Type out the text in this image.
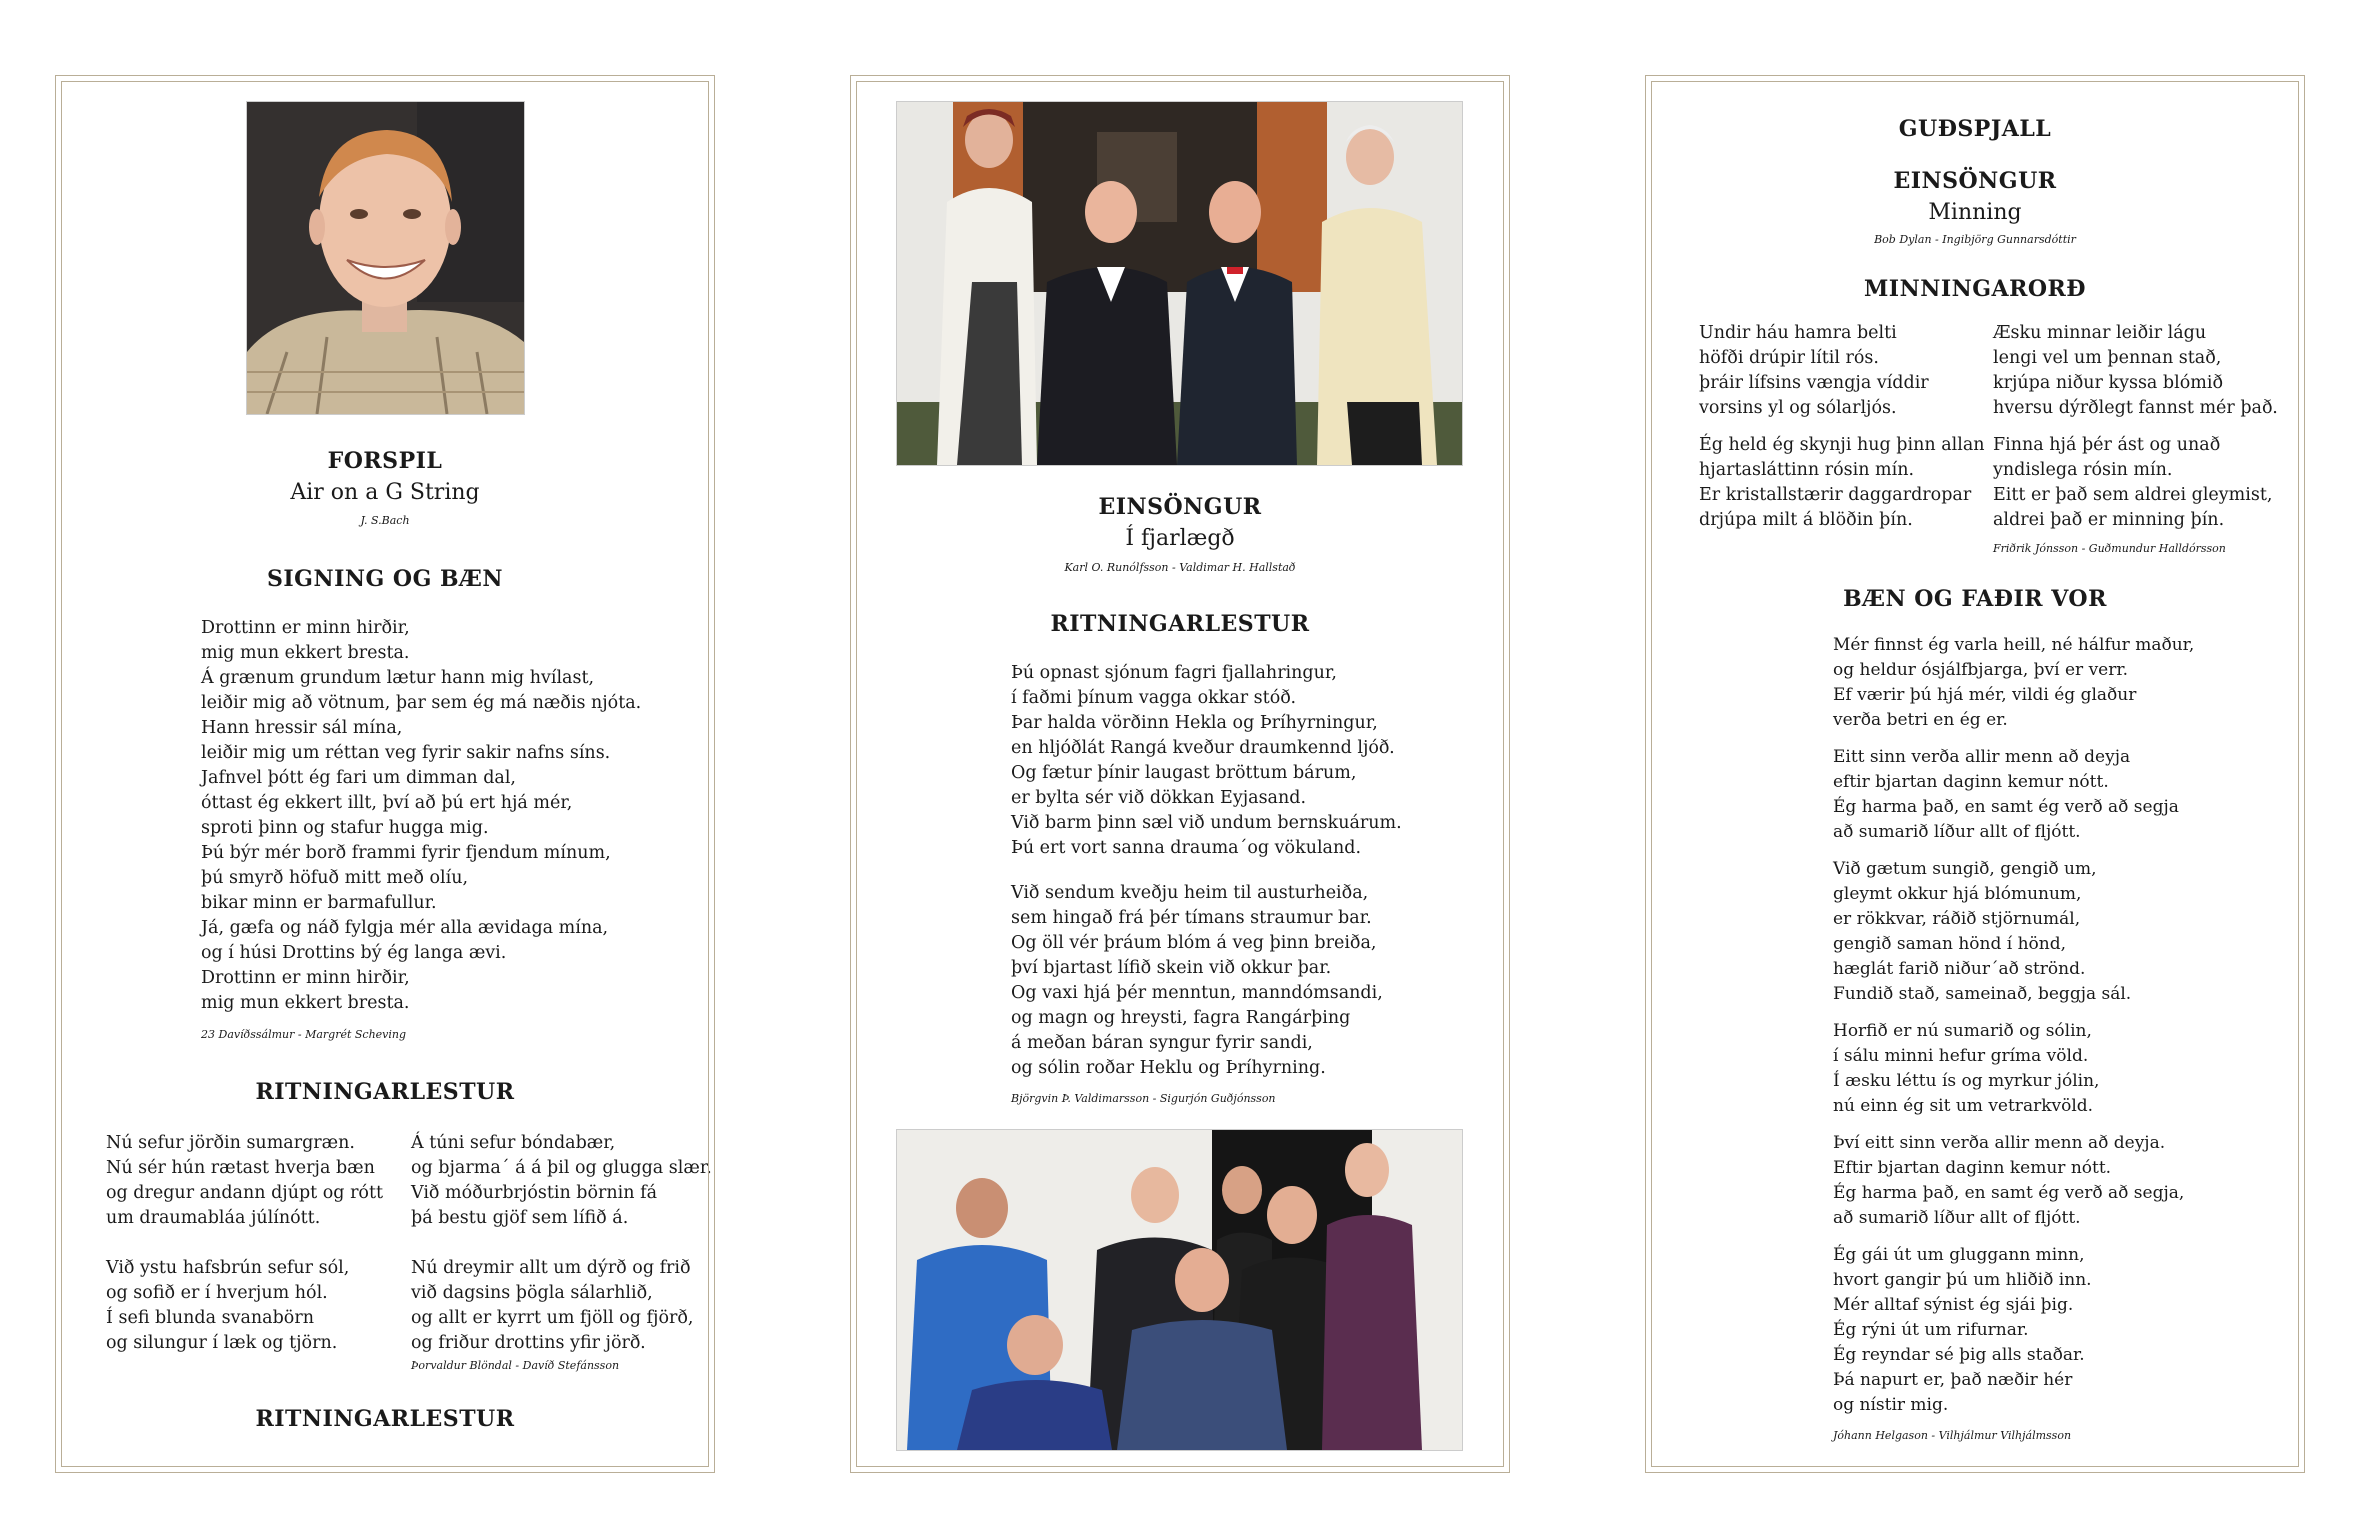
FORSPIL
Air on a G String
J. S.Bach
SIGNING OG BÆN
Drottinn er minn hirðir,
mig mun ekkert bresta.
Á grænum grundum lætur hann mig hvílast,
leiðir mig að vötnum, þar sem ég má næðis njóta.
Hann hressir sál mína,
leiðir mig um réttan veg fyrir sakir nafns síns.
Jafnvel þótt ég fari um dimman dal,
óttast ég ekkert illt, því að þú ert hjá mér,
sproti þinn og stafur hugga mig.
Þú býr mér borð frammi fyrir fjendum mínum,
þú smyrð höfuð mitt með olíu,
bikar minn er barmafullur.
Já, gæfa og náð fylgja mér alla ævidaga mína,
og í húsi Drottins bý ég langa ævi.
Drottinn er minn hirðir,
mig mun ekkert bresta.
23 Davíðssálmur - Margrét Scheving
RITNINGARLESTUR
Nú sefur jörðin sumargræn.
Nú sér hún rætast hverja bæn
og dregur andann djúpt og rótt
um draumabláa júlínótt.
Við ystu hafsbrún sefur sól,
og sofið er í hverjum hól.
Í sefi blunda svanabörn
og silungur í læk og tjörn.
Á túni sefur bóndabær,
og bjarma´ á á þil og glugga slær.
Við móðurbrjóstin börnin fá
þá bestu gjöf sem lífið á.
Nú dreymir allt um dýrð og frið
við dagsins þögla sálarhlið,
og allt er kyrrt um fjöll og fjörð,
og friður drottins yfir jörð.
Þorvaldur Blöndal - Davíð Stefánsson
RITNINGARLESTUR
EINSÖNGUR
Í fjarlægð
Karl O. Runólfsson - Valdimar H. Hallstað
RITNINGARLESTUR
Þú opnast sjónum fagri fjallahringur,
í faðmi þínum vagga okkar stóð.
Þar halda vörðinn Hekla og Þríhyrningur,
en hljóðlát Rangá kveður draumkennd ljóð.
Og fætur þínir laugast bröttum bárum,
er bylta sér við dökkan Eyjasand.
Við barm þinn sæl við undum bernskuárum.
Þú ert vort sanna drauma´og vökuland.
Við sendum kveðju heim til austurheiða,
sem hingað frá þér tímans straumur bar.
Og öll vér þráum blóm á veg þinn breiða,
því bjartast lífið skein við okkur þar.
Og vaxi hjá þér menntun, manndómsandi,
og magn og hreysti, fagra Rangárþing
á meðan báran syngur fyrir sandi,
og sólin roðar Heklu og Þríhyrning.
Björgvin Þ. Valdimarsson - Sigurjón Guðjónsson
GUÐSPJALL
EINSÖNGUR
Minning
Bob Dylan - Ingibjörg Gunnarsdóttir
MINNINGARORÐ
Undir háu hamra belti
höfði drúpir lítil rós.
þráir lífsins vængja víddir
vorsins yl og sólarljós.
Ég held ég skynji hug þinn allan
hjartasláttinn rósin mín.
Er kristallstærir daggardropar
drjúpa milt á blöðin þín.
Æsku minnar leiðir lágu
lengi vel um þennan stað,
krjúpa niður kyssa blómið
hversu dýrðlegt fannst mér það.
Finna hjá þér ást og unað
yndislega rósin mín.
Eitt er það sem aldrei gleymist,
aldrei það er minning þín.
Friðrik Jónsson - Guðmundur Halldórsson
BÆN OG FAÐIR VOR
Mér finnst ég varla heill, né hálfur maður,
og heldur ósjálfbjarga, því er verr.
Ef værir þú hjá mér, vildi ég glaður
verða betri en ég er.
Eitt sinn verða allir menn að deyja
eftir bjartan daginn kemur nótt.
Ég harma það, en samt ég verð að segja
að sumarið líður allt of fljótt.
Við gætum sungið, gengið um,
gleymt okkur hjá blómunum,
er rökkvar, ráðið stjörnumál,
gengið saman hönd í hönd,
hæglát farið niður´að strönd.
Fundið stað, sameinað, beggja sál.
Horfið er nú sumarið og sólin,
í sálu minni hefur gríma völd.
Í æsku léttu ís og myrkur jólin,
nú einn ég sit um vetrarkvöld.
Því eitt sinn verða allir menn að deyja.
Eftir bjartan daginn kemur nótt.
Ég harma það, en samt ég verð að segja,
að sumarið líður allt of fljótt.
Ég gái út um gluggann minn,
hvort gangir þú um hliðið inn.
Mér alltaf sýnist ég sjái þig.
Ég rýni út um rifurnar.
Ég reyndar sé þig alls staðar.
Þá napurt er, það næðir hér
og nístir mig.
Jóhann Helgason - Vilhjálmur Vilhjálmsson
